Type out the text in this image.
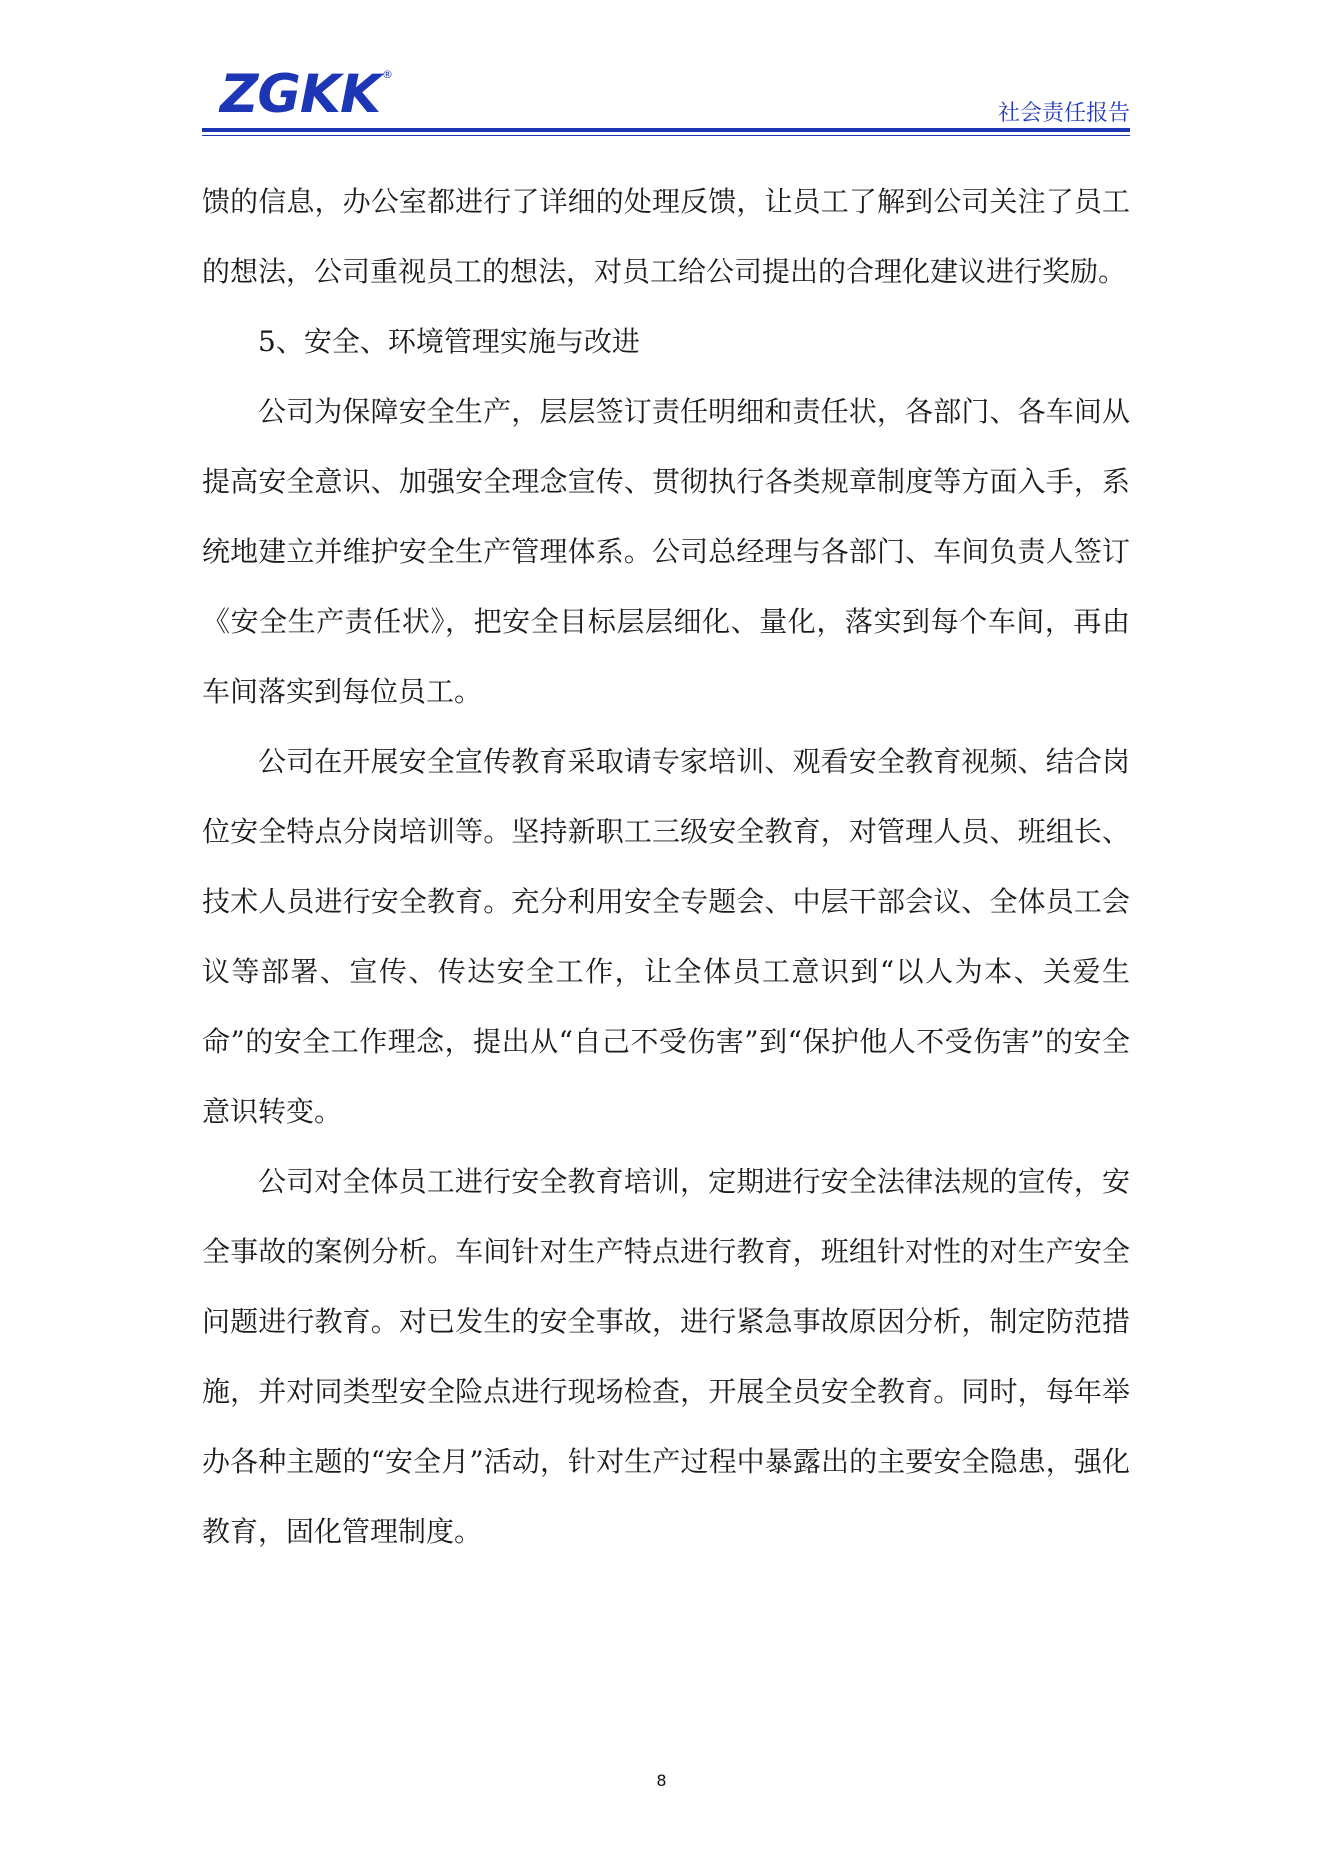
ZGKK ®
社会责任报告

馈的信息，办公室都进行了详细的处理反馈，让员工了解到公司关注了员工的想法，公司重视员工的想法，对员工给公司提出的合理化建议进行奖励。

5、安全、环境管理实施与改进

公司为保障安全生产，层层签订责任明细和责任状，各部门、各车间从提高安全意识、加强安全理念宣传、贯彻执行各类规章制度等方面入手，系统地建立并维护安全生产管理体系。公司总经理与各部门、车间负责人签订《安全生产责任状》，把安全目标层层细化、量化，落实到每个车间，再由车间落实到每位员工。

公司在开展安全宣传教育采取请专家培训、观看安全教育视频、结合岗位安全特点分岗培训等。坚持新职工三级安全教育，对管理人员、班组长、技术人员进行安全教育。充分利用安全专题会、中层干部会议、全体员工会议等部署、宣传、传达安全工作，让全体员工意识到“以人为本、关爱生命”的安全工作理念，提出从“自己不受伤害”到“保护他人不受伤害”的安全意识转变。

公司对全体员工进行安全教育培训，定期进行安全法律法规的宣传，安全事故的案例分析。车间针对生产特点进行教育，班组针对性的对生产安全问题进行教育。对已发生的安全事故，进行紧急事故原因分析，制定防范措施，并对同类型安全险点进行现场检查，开展全员安全教育。同时，每年举办各种主题的“安全月”活动，针对生产过程中暴露出的主要安全隐患，强化教育，固化管理制度。

8
